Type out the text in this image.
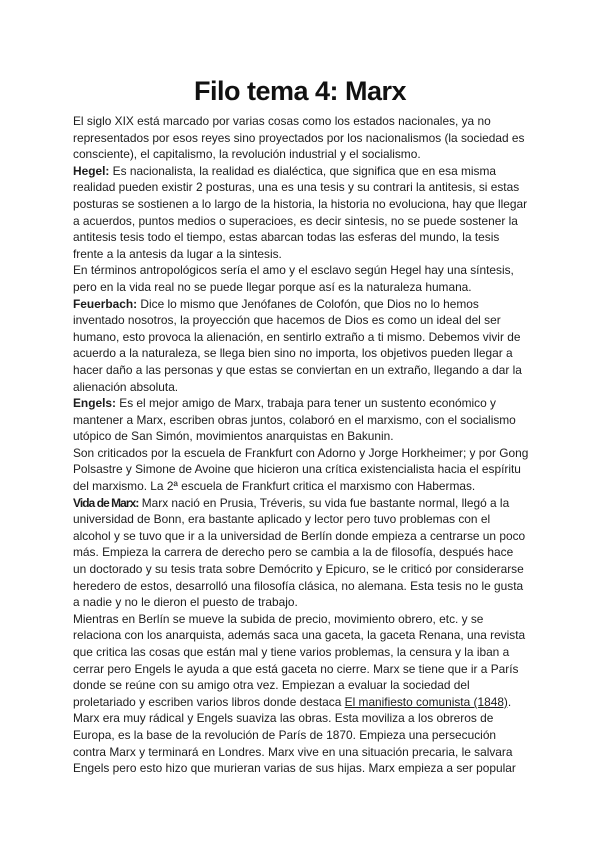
Filo tema 4: Marx

El siglo XIX está marcado por varias cosas como los estados nacionales, ya no representados por esos reyes sino proyectados por los nacionalismos (la sociedad es consciente), el capitalismo, la revolución industrial y el socialismo.

Hegel: Es nacionalista, la realidad es dialéctica, que significa que en esa misma realidad pueden existir 2 posturas, una es una tesis y su contrari la antitesis, si estas posturas se sostienen a lo largo de la historia, la historia no evoluciona, hay que llegar a acuerdos, puntos medios o superacioes, es decir sintesis, no se puede sostener la antitesis tesis todo el tiempo, estas abarcan todas las esferas del mundo, la tesis frente a la antesis da lugar a la sintesis.

En términos antropológicos sería el amo y el esclavo según Hegel hay una síntesis, pero en la vida real no se puede llegar porque así es la naturaleza humana.

Feuerbach: Dice lo mismo que Jenófanes de Colofón, que Dios no lo hemos inventado nosotros, la proyección que hacemos de Dios es como un ideal del ser humano, esto provoca la alienación, en sentirlo extraño a ti mismo. Debemos vivir de acuerdo a la naturaleza, se llega bien sino no importa, los objetivos pueden llegar a hacer daño a las personas y que estas se conviertan en un extraño, llegando a dar la alienación absoluta.

Engels: Es el mejor amigo de Marx, trabaja para tener un sustento económico y mantener a Marx, escriben obras juntos, colaboró en el marxismo, con el socialismo utópico de San Simón, movimientos anarquistas en Bakunin.

Son criticados por la escuela de Frankfurt con Adorno y Jorge Horkheimer; y por Gong Polsastre y Simone de Avoine que hicieron una crítica existencialista hacia el espíritu del marxismo. La 2ª escuela de Frankfurt critica el marxismo con Habermas.

Vida de Marx: Marx nació en Prusia, Tréveris, su vida fue bastante normal, llegó a la universidad de Bonn, era bastante aplicado y lector pero tuvo problemas con el alcohol y se tuvo que ir a la universidad de Berlín donde empieza a centrarse un poco más. Empieza la carrera de derecho pero se cambia a la de filosofía, después hace un doctorado y su tesis trata sobre Demócrito y Epicuro, se le criticó por considerarse heredero de estos, desarrolló una filosofía clásica, no alemana. Esta tesis no le gusta a nadie y no le dieron el puesto de trabajo.

Mientras en Berlín se mueve la subida de precio, movimiento obrero, etc. y se relaciona con los anarquista, además saca una gaceta, la gaceta Renana, una revista que critica las cosas que están mal y tiene varios problemas, la censura y la iban a cerrar pero Engels le ayuda a que está gaceta no cierre. Marx se tiene que ir a París donde se reúne con su amigo otra vez. Empiezan a evaluar la sociedad del proletariado y escriben varios libros donde destaca El manifiesto comunista (1848). Marx era muy rádical y Engels suaviza las obras. Esta moviliza a los obreros de Europa, es la base de la revolución de París de 1870. Empieza una persecución contra Marx y terminará en Londres. Marx vive en una situación precaria, le salvara Engels pero esto hizo que murieran varias de sus hijas. Marx empieza a ser popular
